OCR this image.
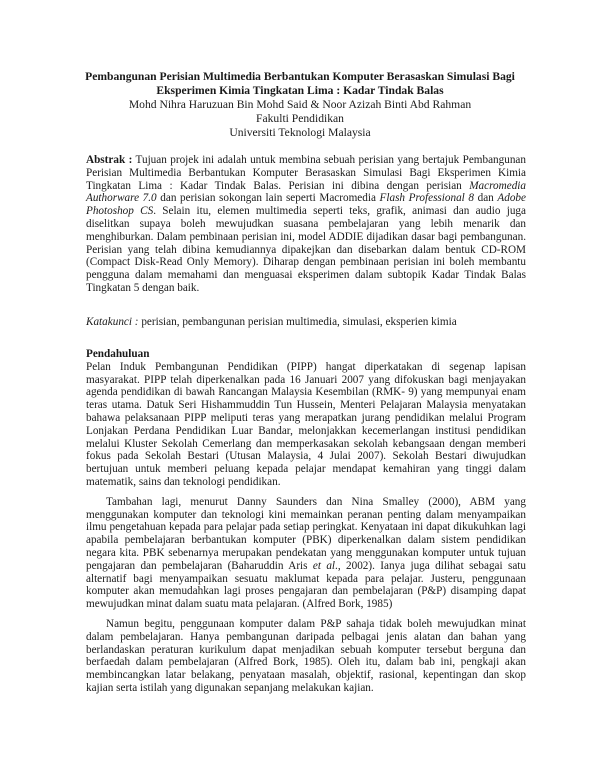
Pembangunan Perisian Multimedia Berbantukan Komputer Berasaskan Simulasi Bagi
Eksperimen Kimia Tingkatan Lima : Kadar Tindak Balas
Mohd Nihra Haruzuan Bin Mohd Said & Noor Azizah Binti Abd Rahman
Fakulti Pendidikan
Universiti Teknologi Malaysia
Abstrak : Tujuan projek ini adalah untuk membina sebuah perisian yang bertajuk Pembangunan Perisian Multimedia Berbantukan Komputer Berasaskan Simulasi Bagi Eksperimen Kimia Tingkatan Lima : Kadar Tindak Balas. Perisian ini dibina dengan perisian Macromedia Authorware 7.0 dan perisian sokongan lain seperti Macromedia Flash Professional 8 dan Adobe Photoshop CS. Selain itu, elemen multimedia seperti teks, grafik, animasi dan audio juga diselitkan supaya boleh mewujudkan suasana pembelajaran yang lebih menarik dan menghiburkan. Dalam pembinaan perisian ini, model ADDIE dijadikan dasar bagi pembangunan. Perisian yang telah dibina kemudiannya dipakejkan dan disebarkan dalam bentuk CD-ROM (Compact Disk-Read Only Memory). Diharap dengan pembinaan perisian ini boleh membantu pengguna dalam memahami dan menguasai eksperimen dalam subtopik Kadar Tindak Balas Tingkatan 5 dengan baik.
Katakunci : perisian, pembangunan perisian multimedia, simulasi, eksperien kimia
Pendahuluan

Pelan Induk Pembangunan Pendidikan (PIPP) hangat diperkatakan di segenap lapisan masyarakat. PIPP telah diperkenalkan pada 16 Januari 2007 yang difokuskan bagi menjayakan agenda pendidikan di bawah Rancangan Malaysia Kesembilan (RMK- 9) yang mempunyai enam teras utama. Datuk Seri Hishammuddin Tun Hussein, Menteri Pelajaran Malaysia menyatakan bahawa pelaksanaan PIPP meliputi teras yang merapatkan jurang pendidikan melalui Program Lonjakan Perdana Pendidikan Luar Bandar, melonjakkan kecemerlangan institusi pendidikan melalui Kluster Sekolah Cemerlang dan memperkasakan sekolah kebangsaan dengan memberi fokus pada Sekolah Bestari (Utusan Malaysia, 4 Julai 2007). Sekolah Bestari diwujudkan bertujuan untuk memberi peluang kepada pelajar mendapat kemahiran yang tinggi dalam matematik, sains dan teknologi pendidikan.

Tambahan lagi, menurut Danny Saunders dan Nina Smalley (2000), ABM yang menggunakan komputer dan teknologi kini memainkan peranan penting dalam menyampaikan ilmu pengetahuan kepada para pelajar pada setiap peringkat. Kenyataan ini dapat dikukuhkan lagi apabila pembelajaran berbantukan komputer (PBK) diperkenalkan dalam sistem pendidikan negara kita. PBK sebenarnya merupakan pendekatan yang menggunakan komputer untuk tujuan pengajaran dan pembelajaran (Baharuddin Aris et al., 2002). Ianya juga dilihat sebagai satu alternatif bagi menyampaikan sesuatu maklumat kepada para pelajar. Justeru, penggunaan komputer akan memudahkan lagi proses pengajaran dan pembelajaran (P&P) disamping dapat mewujudkan minat dalam suatu mata pelajaran. (Alfred Bork, 1985)

Namun begitu, penggunaan komputer dalam P&P sahaja tidak boleh mewujudkan minat dalam pembelajaran. Hanya pembangunan daripada pelbagai jenis alatan dan bahan yang berlandaskan peraturan kurikulum dapat menjadikan sebuah komputer tersebut berguna dan berfaedah dalam pembelajaran (Alfred Bork, 1985). Oleh itu, dalam bab ini, pengkaji akan membincangkan latar belakang, penyataan masalah, objektif, rasional, kepentingan dan skop kajian serta istilah yang digunakan sepanjang melakukan kajian.
